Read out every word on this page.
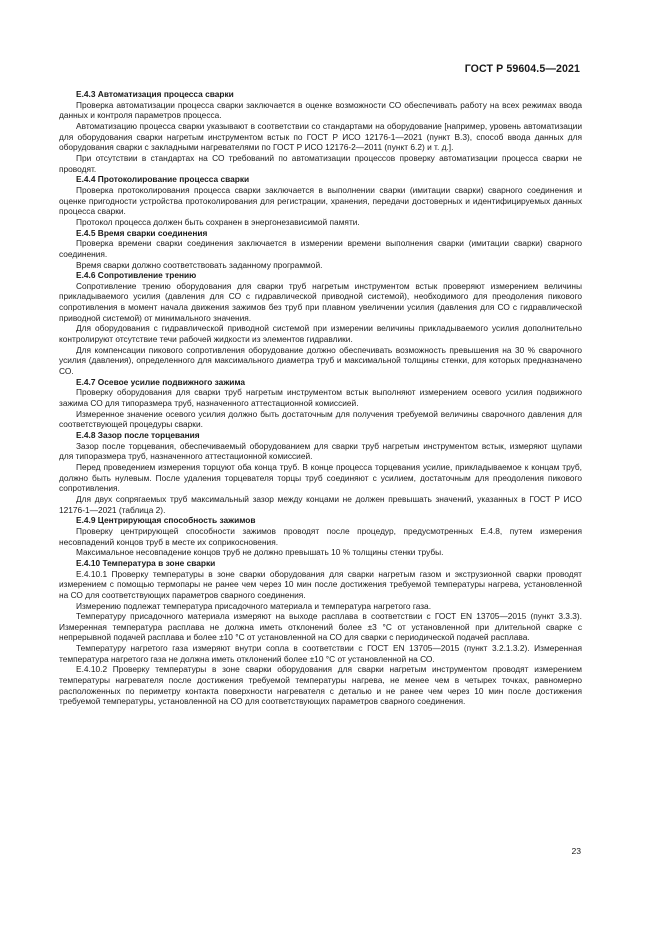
ГОСТ Р 59604.5—2021
E.4.3 Автоматизация процесса сварки

Проверка автоматизации процесса сварки заключается в оценке возможности СО обеспечивать работу на всех режимах ввода данных и контроля параметров процесса.

Автоматизацию процесса сварки указывают в соответствии со стандартами на оборудование [например, уровень автоматизации для оборудования сварки нагретым инструментом встык по ГОСТ Р ИСО 12176-1—2021 (пункт В.3), способ ввода данных для оборудования сварки с закладными нагревателями по ГОСТ Р ИСО 12176-2—2011 (пункт 6.2) и т. д.].

При отсутствии в стандартах на СО требований по автоматизации процессов проверку автоматизации процесса сварки не проводят.

E.4.4 Протоколирование процесса сварки

Проверка протоколирования процесса сварки заключается в выполнении сварки (имитации сварки) сварного соединения и оценке пригодности устройства протоколирования для регистрации, хранения, передачи достоверных и идентифицируемых данных процесса сварки.

Протокол процесса должен быть сохранен в энергонезависимой памяти.

E.4.5 Время сварки соединения

Проверка времени сварки соединения заключается в измерении времени выполнения сварки (имитации сварки) сварного соединения.

Время сварки должно соответствовать заданному программой.

E.4.6 Сопротивление трению

Сопротивление трению оборудования для сварки труб нагретым инструментом встык проверяют измерением величины прикладываемого усилия (давления для СО с гидравлической приводной системой), необходимого для преодоления пикового сопротивления в момент начала движения зажимов без труб при плавном увеличении усилия (давления для СО с гидравлической приводной системой) от минимального значения.

Для оборудования с гидравлической приводной системой при измерении величины прикладываемого усилия дополнительно контролируют отсутствие течи рабочей жидкости из элементов гидравлики.

Для компенсации пикового сопротивления оборудование должно обеспечивать возможность превышения на 30 % сварочного усилия (давления), определенного для максимального диаметра труб и максимальной толщины стенки, для которых предназначено СО.

E.4.7 Осевое усилие подвижного зажима

Проверку оборудования для сварки труб нагретым инструментом встык выполняют измерением осевого усилия подвижного зажима СО для типоразмера труб, назначенного аттестационной комиссией.

Измеренное значение осевого усилия должно быть достаточным для получения требуемой величины сварочного давления для соответствующей процедуры сварки.

E.4.8 Зазор после торцевания

Зазор после торцевания, обеспечиваемый оборудованием для сварки труб нагретым инструментом встык, измеряют щупами для типоразмера труб, назначенного аттестационной комиссией.

Перед проведением измерения торцуют оба конца труб. В конце процесса торцевания усилие, прикладываемое к концам труб, должно быть нулевым. После удаления торцевателя торцы труб соединяют с усилием, достаточным для преодоления пикового сопротивления.

Для двух сопрягаемых труб максимальный зазор между концами не должен превышать значений, указанных в ГОСТ Р ИСО 12176-1—2021 (таблица 2).

E.4.9 Центрирующая способность зажимов

Проверку центрирующей способности зажимов проводят после процедур, предусмотренных Е.4.8, путем измерения несовпадений концов труб в месте их соприкосновения.

Максимальное несовпадение концов труб не должно превышать 10 % толщины стенки трубы.

E.4.10 Температура в зоне сварки

Е.4.10.1 Проверку температуры в зоне сварки оборудования для сварки нагретым газом и экструзионной сварки проводят измерением с помощью термопары не ранее чем через 10 мин после достижения требуемой температуры нагрева, установленной на СО для соответствующих параметров сварного соединения.

Измерению подлежат температура присадочного материала и температура нагретого газа.

Температуру присадочного материала измеряют на выходе расплава в соответствии с ГОСТ EN 13705—2015 (пункт 3.3.3). Измеренная температура расплава не должна иметь отклонений более ±3 °С от установленной при длительной сварке с непрерывной подачей расплава и более ±10 °С от установленной на СО для сварки с периодической подачей расплава.

Температуру нагретого газа измеряют внутри сопла в соответствии с ГОСТ EN 13705—2015 (пункт 3.2.1.3.2). Измеренная температура нагретого газа не должна иметь отклонений более ±10 °С от установленной на СО.

Е.4.10.2 Проверку температуры в зоне сварки оборудования для сварки нагретым инструментом проводят измерением температуры нагревателя после достижения требуемой температуры нагрева, не менее чем в четырех точках, равномерно расположенных по периметру контакта поверхности нагревателя с деталью и не ранее чем через 10 мин после достижения требуемой температуры, установленной на СО для соответствующих параметров сварного соединения.

23
